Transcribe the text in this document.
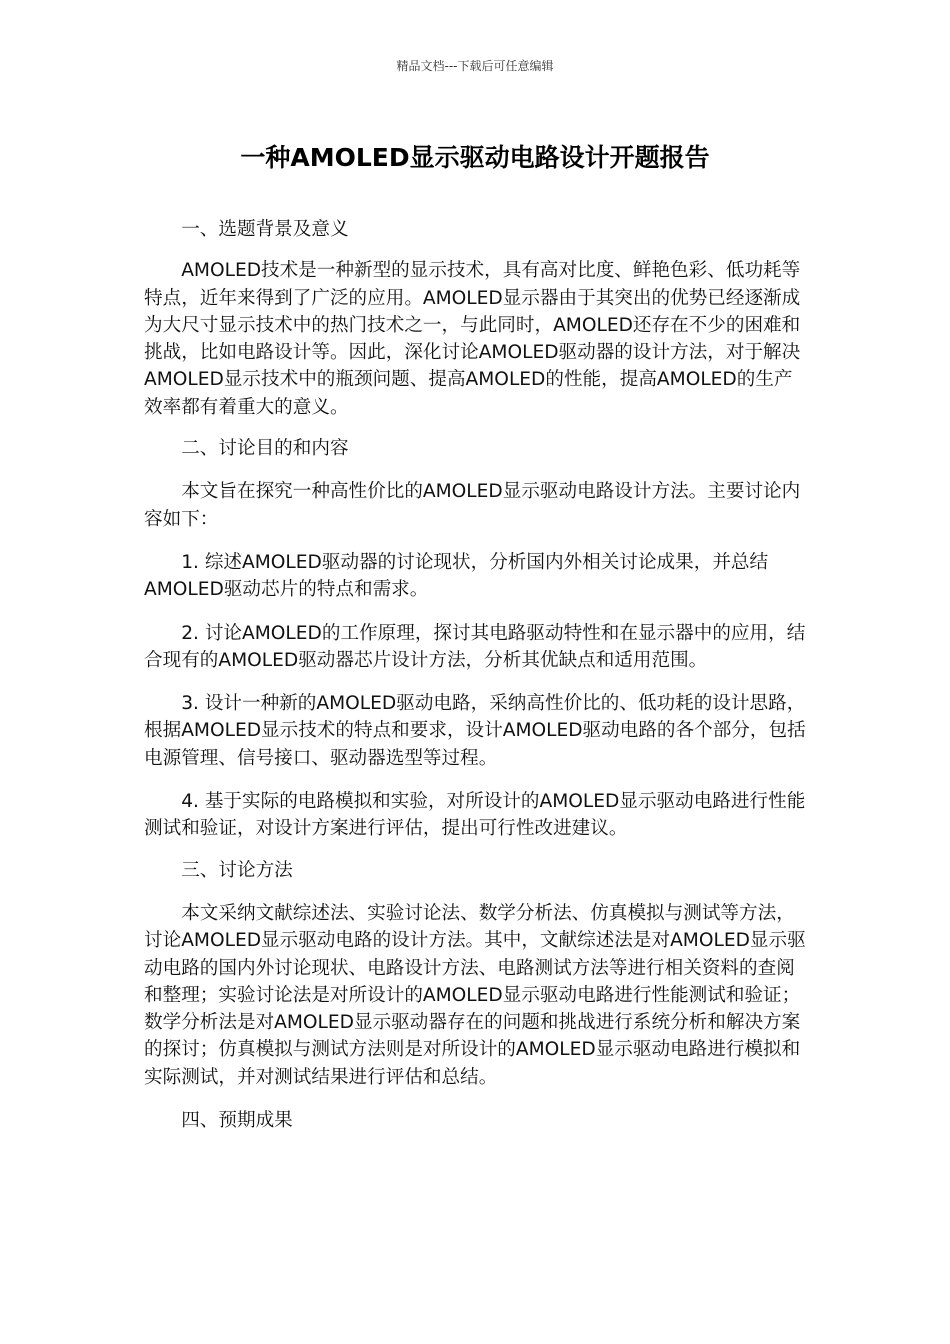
精品文档---下载后可任意编辑
一种AMOLED显示驱动电路设计开题报告

一、选题背景及意义

AMOLED技术是一种新型的显示技术，具有高对比度、鲜艳色彩、低功耗等特点，近年来得到了广泛的应用。AMOLED显示器由于其突出的优势已经逐渐成为大尺寸显示技术中的热门技术之一，与此同时，AMOLED还存在不少的困难和挑战，比如电路设计等。因此，深化讨论AMOLED驱动器的设计方法，对于解决AMOLED显示技术中的瓶颈问题、提高AMOLED的性能，提高AMOLED的生产效率都有着重大的意义。

二、讨论目的和内容

本文旨在探究一种高性价比的AMOLED显示驱动电路设计方法。主要讨论内容如下：

1. 综述AMOLED驱动器的讨论现状，分析国内外相关讨论成果，并总结AMOLED驱动芯片的特点和需求。

2. 讨论AMOLED的工作原理，探讨其电路驱动特性和在显示器中的应用，结合现有的AMOLED驱动器芯片设计方法，分析其优缺点和适用范围。

3. 设计一种新的AMOLED驱动电路，采纳高性价比的、低功耗的设计思路，根据AMOLED显示技术的特点和要求，设计AMOLED驱动电路的各个部分，包括电源管理、信号接口、驱动器选型等过程。

4. 基于实际的电路模拟和实验，对所设计的AMOLED显示驱动电路进行性能测试和验证，对设计方案进行评估，提出可行性改进建议。

三、讨论方法

本文采纳文献综述法、实验讨论法、数学分析法、仿真模拟与测试等方法，讨论AMOLED显示驱动电路的设计方法。其中，文献综述法是对AMOLED显示驱动电路的国内外讨论现状、电路设计方法、电路测试方法等进行相关资料的查阅和整理；实验讨论法是对所设计的AMOLED显示驱动电路进行性能测试和验证；数学分析法是对AMOLED显示驱动器存在的问题和挑战进行系统分析和解决方案的探讨；仿真模拟与测试方法则是对所设计的AMOLED显示驱动电路进行模拟和实际测试，并对测试结果进行评估和总结。

四、预期成果
